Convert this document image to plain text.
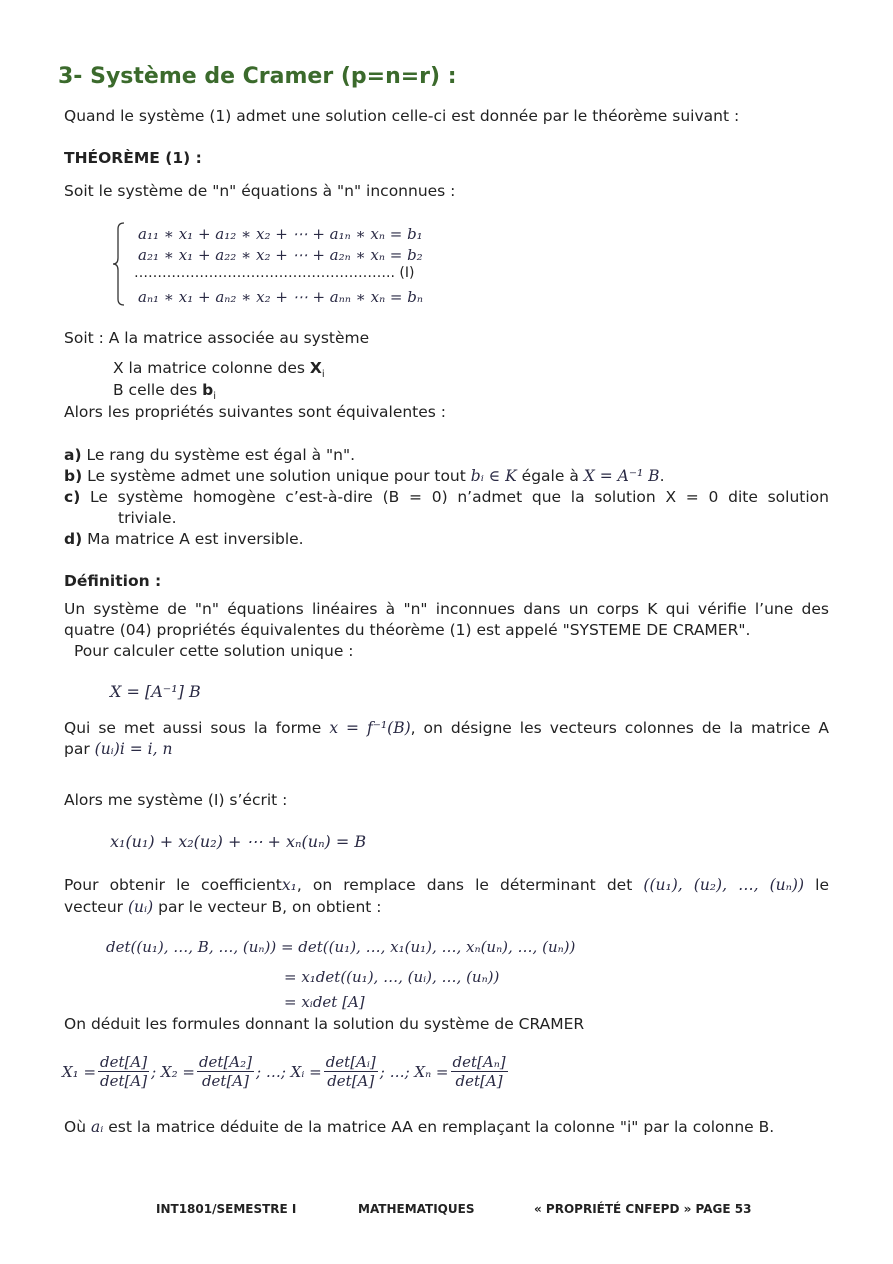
3- Système de Cramer (p=n=r) :
Quand le système (1) admet une solution celle-ci est donnée par le théorème suivant :
THÉORÈME (1) :
Soit le système de "n" équations à "n" inconnues :
a₁₁ ∗ x₁ + a₁₂ ∗ x₂ + ⋯ + a₁ₙ ∗ xₙ = b₁
a₂₁ ∗ x₁ + a₂₂ ∗ x₂ + ⋯ + a₂ₙ ∗ xₙ = b₂
……………………………………………….. (I)
aₙ₁ ∗ x₁ + aₙ₂ ∗ x₂ + ⋯ + aₙₙ ∗ xₙ = bₙ
Soit : A la matrice associée au système
X la matrice colonne des $X_i$
B celle des $b_i$
Alors les propriétés suivantes sont équivalentes :
a) Le rang du système est égal à "n".
b) Le système admet une solution unique pour tout bᵢ ∈ K égale à X = A⁻¹ B.
c) Le système homogène c’est-à-dire (B = 0) n’admet que la solution X = 0 dite solution
triviale.
d) Ma matrice A est inversible.
Définition :
Un système de "n" équations linéaires à "n" inconnues dans un corps K qui vérifie l’une des
quatre (04) propriétés équivalentes du théorème (1) est appelé "SYSTEME DE CRAMER".
Pour calculer cette solution unique :
X = [A⁻¹] B
Qui se met aussi sous la forme x = f⁻¹(B), on désigne les vecteurs colonnes de la matrice A
par (uᵢ)i = i, n
Alors me système (I) s’écrit :
x₁(u₁) + x₂(u₂) + ⋯ + xₙ(uₙ) = B
Pour obtenir le coefficientx₁, on remplace dans le déterminant det ((u₁), (u₂), …, (uₙ)) le
vecteur (uᵢ) par le vecteur B, on obtient :
det((u₁), …, B, …, (uₙ)) = det((u₁), …, x₁(u₁), …, xₙ(uₙ), …, (uₙ))
= x₁det((u₁), …, (uᵢ), …, (uₙ))
= xᵢdet [A]
On déduit les formules donnant la solution du système de CRAMER
$X_1 = \frac{\det[A]}{\det[A]}$ ; $X_2 = \frac{\text{det[A₂]}}{\det[A]}$ ; …; Xᵢ = $\frac{\text{det[Aᵢ]}}{\det[A]}$ ; …; $X_n = \frac{\text{det[Aₙ]}}{\det[A]}$
Où aᵢ est la matrice déduite de la matrice AA en remplaçant la colonne "i" par la colonne B.
INT1801/SEMESTRE I	MATHEMATIQUES	« PROPRIÉTÉ CNFEPD » PAGE 53
